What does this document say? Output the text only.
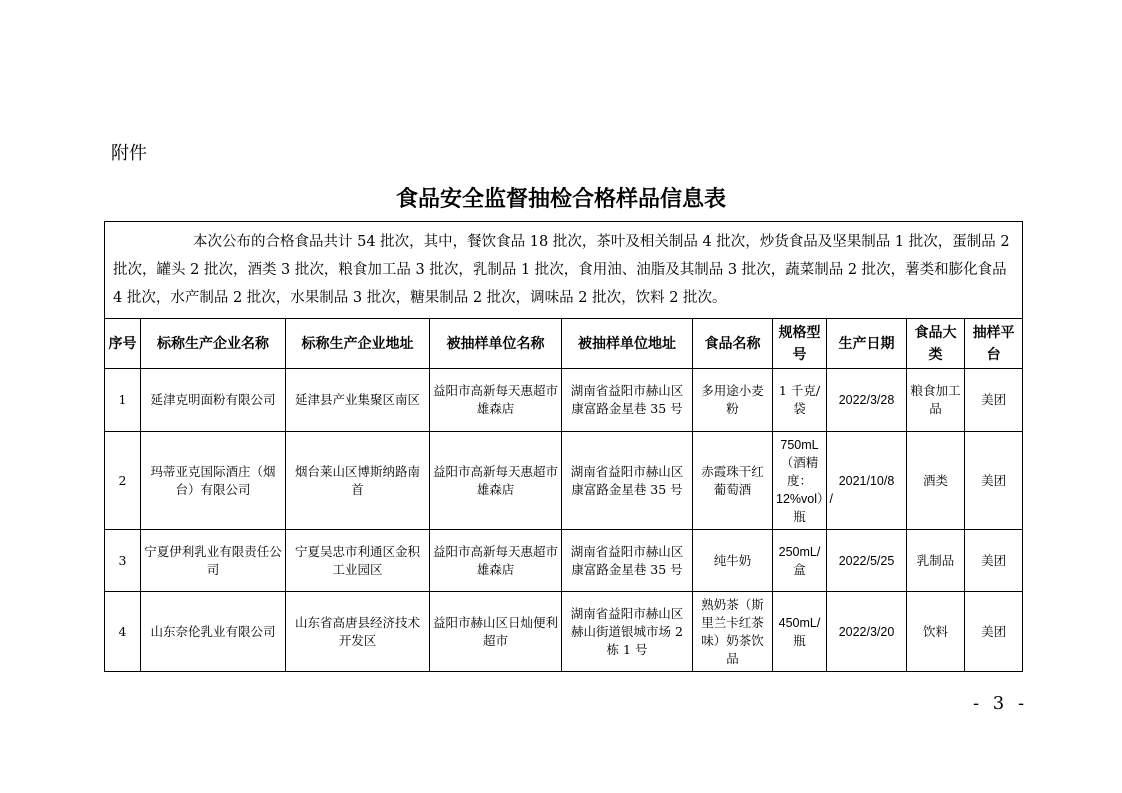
附件
食品安全监督抽检合格样品信息表
本次公布的合格食品共计 54 批次，其中，餐饮食品 18 批次，茶叶及相关制品 4 批次，炒货食品及坚果制品 1 批次，蛋制品 2 批次，罐头 2 批次，酒类 3 批次，粮食加工品 3 批次，乳制品 1 批次，食用油、油脂及其制品 3 批次，蔬菜制品 2 批次，薯类和膨化食品 4 批次，水产制品 2 批次，水果制品 3 批次，糖果制品 2 批次，调味品 2 批次，饮料 2 批次。									
序号	标称生产企业名称	标称生产企业地址	被抽样单位名称	被抽样单位地址	食品名称	规格型号	生产日期	食品大类	抽样平台
1	延津克明面粉有限公司	延津县产业集聚区南区	益阳市高新每天惠超市雄森店	湖南省益阳市赫山区康富路金星巷 35 号	多用途小麦粉	1 千克/袋	2022/3/28	粮食加工品	美团
2	玛蒂亚克国际酒庄（烟台）有限公司	烟台莱山区博斯纳路南首	益阳市高新每天惠超市雄森店	湖南省益阳市赫山区康富路金星巷 35 号	赤霞珠干红葡萄酒	750mL（酒精度：12%vol）/瓶	2021/10/8	酒类	美团
3	宁夏伊利乳业有限责任公司	宁夏吴忠市利通区金积工业园区	益阳市高新每天惠超市雄森店	湖南省益阳市赫山区康富路金星巷 35 号	纯牛奶	250mL/盒	2022/5/25	乳制品	美团
4	山东奈伦乳业有限公司	山东省高唐县经济技术开发区	益阳市赫山区日灿便利超市	湖南省益阳市赫山区赫山街道银城市场 2 栋 1 号	熟奶茶（斯里兰卡红茶味）奶茶饮品	450mL/瓶	2022/3/20	饮料	美团
- 3 -
